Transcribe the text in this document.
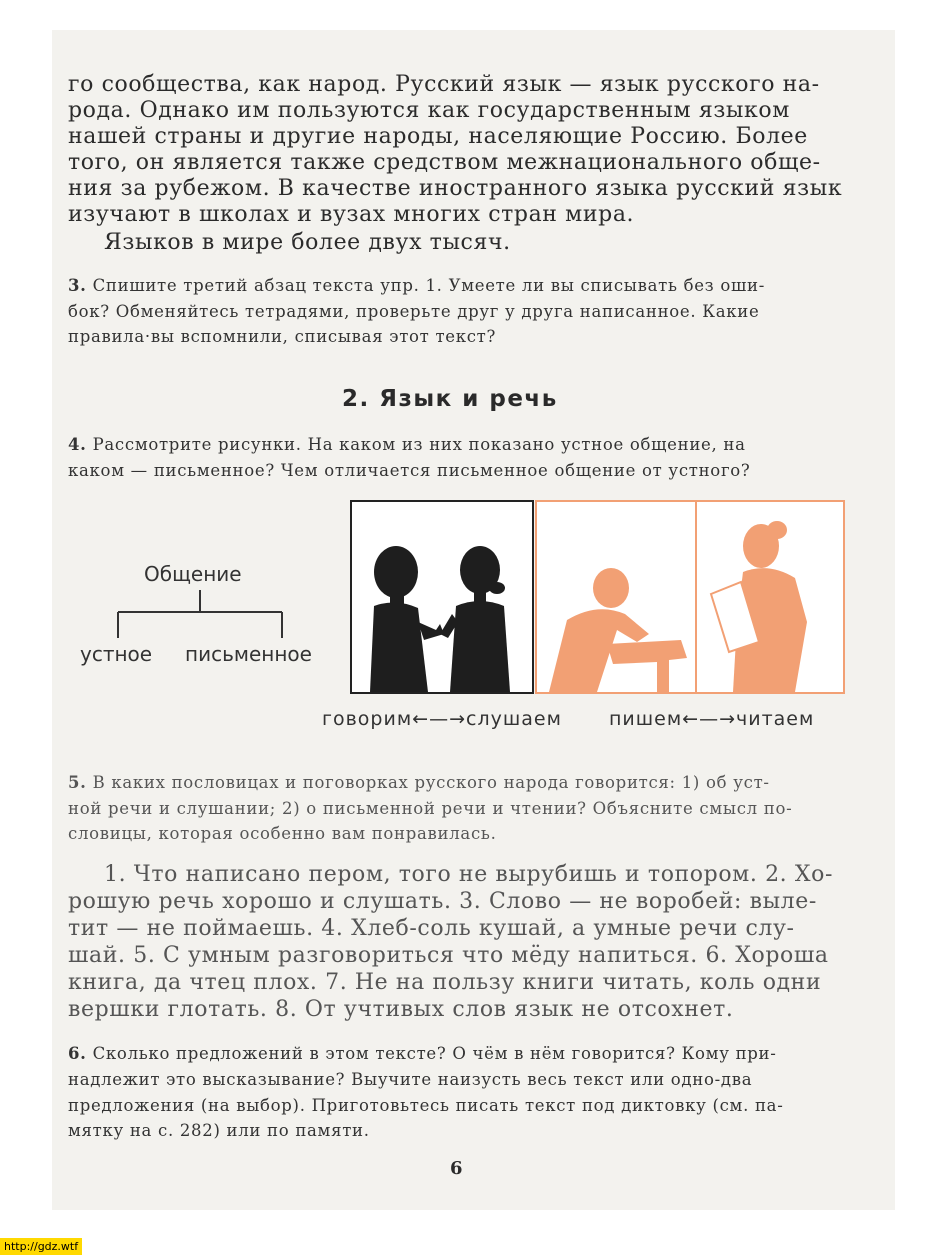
го сообщества, как народ. Русский язык — язык русского на-
рода. Однако им пользуются как государственным языком
нашей страны и другие народы, населяющие Россию. Более
того, он является также средством межнационального обще-
ния за рубежом. В качестве иностранного языка русский язык
изучают в школах и вузах многих стран мира.
Языков в мире более двух тысяч.
3. Спишите третий абзац текста упр. 1. Умеете ли вы списывать без оши-
бок? Обменяйтесь тетрадями, проверьте друг у друга написанное. Какие
правила·вы вспомнили, списывая этот текст?
2. Язык и речь
4. Рассмотрите рисунки. На каком из них показано устное общение, на
каком — письменное? Чем отличается письменное общение от устного?
Общение
устное письменное
говорим←—→слушаем пишем←—→читаем
5. В каких пословицах и поговорках русского народа говорится: 1) об уст-
ной речи и слушании; 2) о письменной речи и чтении? Объясните смысл по-
словицы, которая особенно вам понравилась.
1. Что написано пером, того не вырубишь и топором. 2. Хо-
рошую речь хорошо и слушать. 3. Слово — не воробей: выле-
тит — не поймаешь. 4. Хлеб-соль кушай, а умные речи слу-
шай. 5. С умным разговориться что мёду напиться. 6. Хороша
книга, да чтец плох. 7. Не на пользу книги читать, коль одни
вершки глотать. 8. От учтивых слов язык не отсохнет.
6. Сколько предложений в этом тексте? О чём в нём говорится? Кому при-
надлежит это высказывание? Выучите наизусть весь текст или одно-два
предложения (на выбор). Приготовьтесь писать текст под диктовку (см. па-
мятку на с. 282) или по памяти.
6
http://gdz.wtf
